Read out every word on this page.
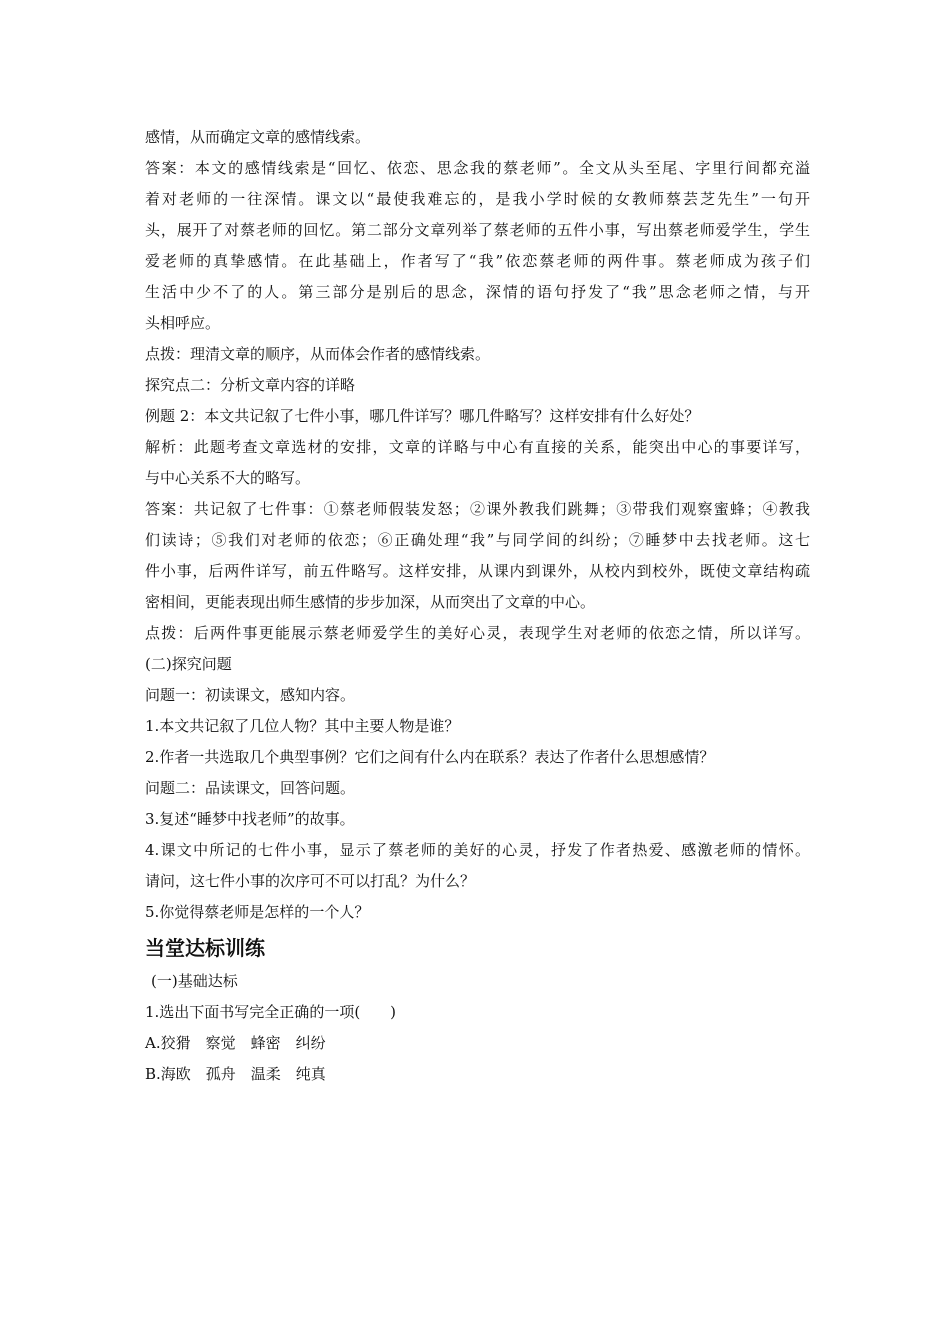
感情，从而确定文章的感情线索。
答案：本文的感情线索是“回忆、依恋、思念我的蔡老师”。全文从头至尾、字里行间都充溢
着对老师的一往深情。课文以“最使我难忘的，是我小学时候的女教师蔡芸芝先生”一句开
头，展开了对蔡老师的回忆。第二部分文章列举了蔡老师的五件小事，写出蔡老师爱学生，学生
爱老师的真挚感情。在此基础上，作者写了“我”依恋蔡老师的两件事。蔡老师成为孩子们
生活中少不了的人。第三部分是别后的思念，深情的语句抒发了“我”思念老师之情，与开
头相呼应。
点拨：理清文章的顺序，从而体会作者的感情线索。
探究点二：分析文章内容的详略
例题 2：本文共记叙了七件小事，哪几件详写？哪几件略写？这样安排有什么好处？
解析：此题考查文章选材的安排，文章的详略与中心有直接的关系，能突出中心的事要详写，
与中心关系不大的略写。
答案：共记叙了七件事：①蔡老师假装发怒；②课外教我们跳舞；③带我们观察蜜蜂；④教我
们读诗；⑤我们对老师的依恋；⑥正确处理“我”与同学间的纠纷；⑦睡梦中去找老师。这七
件小事，后两件详写，前五件略写。这样安排，从课内到课外，从校内到校外，既使文章结构疏
密相间，更能表现出师生感情的步步加深，从而突出了文章的中心。
点拨：后两件事更能展示蔡老师爱学生的美好心灵，表现学生对老师的依恋之情，所以详写。
(二)探究问题
问题一：初读课文，感知内容。
1.本文共记叙了几位人物？其中主要人物是谁？
2.作者一共选取几个典型事例？它们之间有什么内在联系？表达了作者什么思想感情？
问题二：品读课文，回答问题。
3.复述“睡梦中找老师”的故事。
4.课文中所记的七件小事，显示了蔡老师的美好的心灵，抒发了作者热爱、感激老师的情怀。
请问，这七件小事的次序可不可以打乱？为什么？
5.你觉得蔡老师是怎样的一个人？
当堂达标训练
(一)基础达标
1.选出下面书写完全正确的一项(　　)
A.狡猾　察觉　蜂密　纠纷
B.海欧　孤舟　温柔　纯真
